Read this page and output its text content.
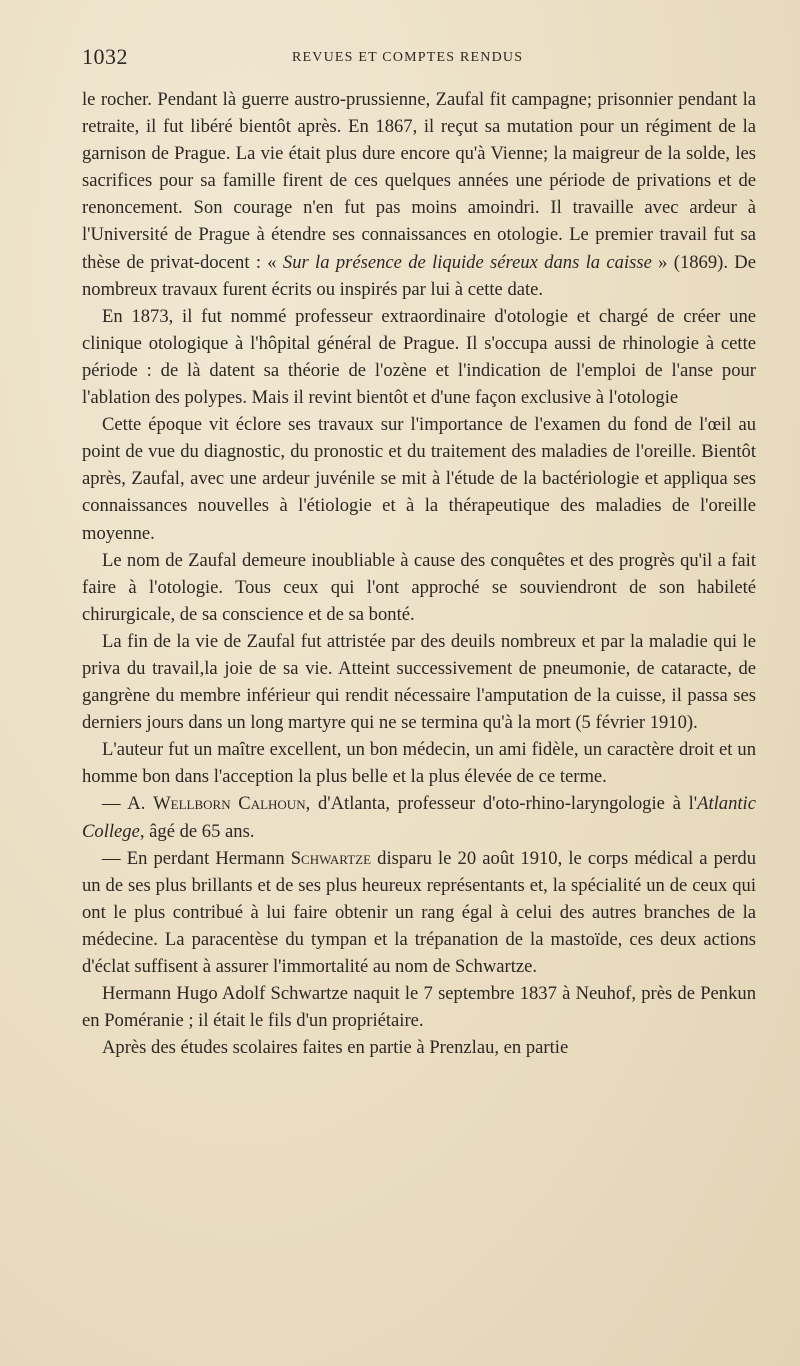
1032	REVUES ET COMPTES RENDUS

le rocher. Pendant là guerre austro-prussienne, Zaufal fit campagne; prisonnier pendant la retraite, il fut libéré bientôt après. En 1867, il reçut sa mutation pour un régiment de la garnison de Prague. La vie était plus dure encore qu'à Vienne; la maigreur de la solde, les sacrifices pour sa famille firent de ces quelques années une période de privations et de renoncement. Son courage n'en fut pas moins amoindri. Il travaille avec ardeur à l'Université de Prague à étendre ses connaissances en otologie. Le premier travail fut sa thèse de privat-docent : « Sur la présence de liquide séreux dans la caisse » (1869). De nombreux travaux furent écrits ou inspirés par lui à cette date.

En 1873, il fut nommé professeur extraordinaire d'otologie et chargé de créer une clinique otologique à l'hôpital général de Prague. Il s'occupa aussi de rhinologie à cette période : de là datent sa théorie de l'ozène et l'indication de l'emploi de l'anse pour l'ablation des polypes. Mais il revint bientôt et d'une façon exclusive à l'otologie

Cette époque vit éclore ses travaux sur l'importance de l'examen du fond de l'œil au point de vue du diagnostic, du pronostic et du traitement des maladies de l'oreille. Bientôt après, Zaufal, avec une ardeur juvénile se mit à l'étude de la bactériologie et appliqua ses connaissances nouvelles à l'étiologie et à la thérapeutique des maladies de l'oreille moyenne.

Le nom de Zaufal demeure inoubliable à cause des conquêtes et des progrès qu'il a fait faire à l'otologie. Tous ceux qui l'ont approché se souviendront de son habileté chirurgicale, de sa conscience et de sa bonté.

La fin de la vie de Zaufal fut attristée par des deuils nombreux et par la maladie qui le priva du travail,la joie de sa vie. Atteint successivement de pneumonie, de cataracte, de gangrène du membre inférieur qui rendit nécessaire l'amputation de la cuisse, il passa ses derniers jours dans un long martyre qui ne se termina qu'à la mort (5 février 1910).

L'auteur fut un maître excellent, un bon médecin, un ami fidèle, un caractère droit et un homme bon dans l'acception la plus belle et la plus élevée de ce terme.

— A. Wellborn Calhoun, d'Atlanta, professeur d'oto-rhino-laryngologie à l'Atlantic College, âgé de 65 ans.

— En perdant Hermann Schwartze disparu le 20 août 1910, le corps médical a perdu un de ses plus brillants et de ses plus heureux représentants et, la spécialité un de ceux qui ont le plus contribué à lui faire obtenir un rang égal à celui des autres branches de la médecine. La paracentèse du tympan et la trépanation de la mastoïde, ces deux actions d'éclat suffisent à assurer l'immortalité au nom de Schwartze.

Hermann Hugo Adolf Schwartze naquit le 7 septembre 1837 à Neuhof, près de Penkun en Poméranie ; il était le fils d'un propriétaire.

Après des études scolaires faites en partie à Prenzlau, en partie
